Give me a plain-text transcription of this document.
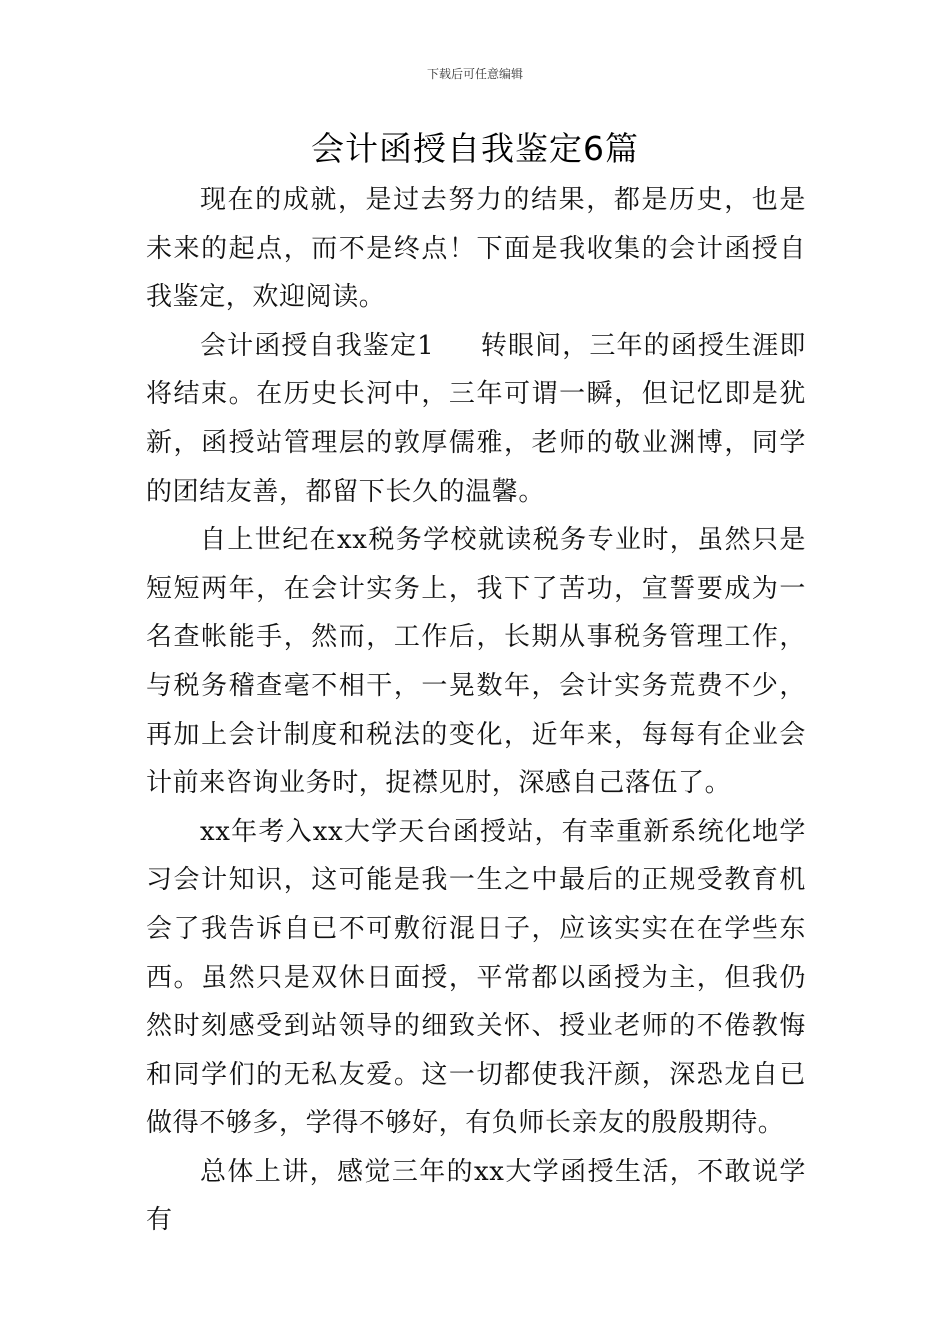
下载后可任意编辑
会计函授自我鉴定6篇

现在的成就，是过去努力的结果，都是历史，也是未来的起点，而不是终点！下面是我收集的会计函授自我鉴定，欢迎阅读。

会计函授自我鉴定1 转眼间，三年的函授生涯即将结束。在历史长河中，三年可谓一瞬，但记忆即是犹新，函授站管理层的敦厚儒雅，老师的敬业渊博，同学的团结友善，都留下长久的温馨。

自上世纪在xx税务学校就读税务专业时，虽然只是短短两年，在会计实务上，我下了苦功，宣誓要成为一名查帐能手，然而，工作后，长期从事税务管理工作，与税务稽查毫不相干，一晃数年，会计实务荒费不少，再加上会计制度和税法的变化，近年来，每每有企业会计前来咨询业务时，捉襟见肘，深感自己落伍了。

xx年考入xx大学天台函授站，有幸重新系统化地学习会计知识，这可能是我一生之中最后的正规受教育机会了我告诉自已不可敷衍混日子，应该实实在在学些东西。虽然只是双休日面授，平常都以函授为主，但我仍然时刻感受到站领导的细致关怀、授业老师的不倦教悔和同学们的无私友爱。这一切都使我汗颜，深恐龙自已做得不够多，学得不够好，有负师长亲友的殷殷期待。

总体上讲，感觉三年的xx大学函授生活，不敢说学有
